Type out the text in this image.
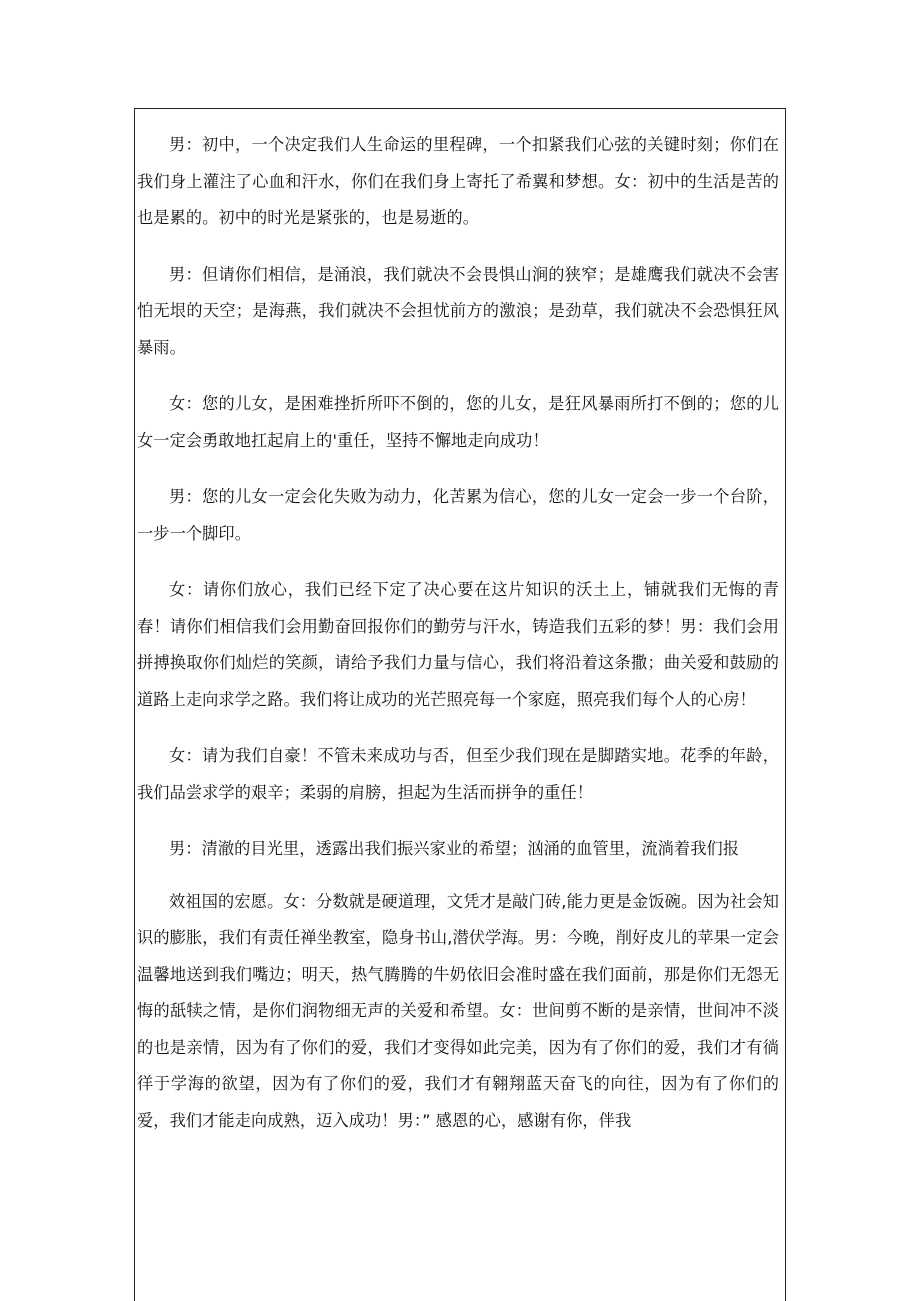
男：初中，一个决定我们人生命运的里程碑，一个扣紧我们心弦的关键时刻；你们在我们身上灌注了心血和汗水，你们在我们身上寄托了希翼和梦想。女：初中的生活是苦的也是累的。初中的时光是紧张的，也是易逝的。

男：但请你们相信，是涌浪，我们就决不会畏惧山涧的狭窄；是雄鹰我们就决不会害怕无垠的天空；是海燕，我们就决不会担忧前方的激浪；是劲草，我们就决不会恐惧狂风暴雨。

女：您的儿女，是困难挫折所吓不倒的，您的儿女，是狂风暴雨所打不倒的；您的儿女一定会勇敢地扛起肩上的'重任，坚持不懈地走向成功！

男：您的儿女一定会化失败为动力，化苦累为信心，您的儿女一定会一步一个台阶，一步一个脚印。

女：请你们放心，我们已经下定了决心要在这片知识的沃土上，铺就我们无悔的青春！请你们相信我们会用勤奋回报你们的勤劳与汗水，铸造我们五彩的梦！男：我们会用拼搏换取你们灿烂的笑颜，请给予我们力量与信心，我们将沿着这条撒；曲关爱和鼓励的道路上走向求学之路。我们将让成功的光芒照亮每一个家庭，照亮我们每个人的心房！

女：请为我们自豪！不管未来成功与否，但至少我们现在是脚踏实地。花季的年龄，我们品尝求学的艰辛；柔弱的肩膀，担起为生活而拼争的重任！

男：清澈的目光里，透露出我们振兴家业的希望；汹涌的血管里，流淌着我们报

效祖国的宏愿。女：分数就是硬道理，文凭才是敲门砖,能力更是金饭碗。因为社会知识的膨胀，我们有责任禅坐教室，隐身书山,潜伏学海。男：今晚，削好皮儿的苹果一定会温馨地送到我们嘴边；明天，热气腾腾的牛奶依旧会准时盛在我们面前，那是你们无怨无悔的舐犊之情，是你们润物细无声的关爱和希望。女：世间剪不断的是亲情，世间冲不淡的也是亲情，因为有了你们的爱，我们才变得如此完美，因为有了你们的爱，我们才有徜徉于学海的欲望，因为有了你们的爱，我们才有翱翔蓝天奋飞的向往，因为有了你们的爱，我们才能走向成熟，迈入成功！男：” 感恩的心，感谢有你，伴我
